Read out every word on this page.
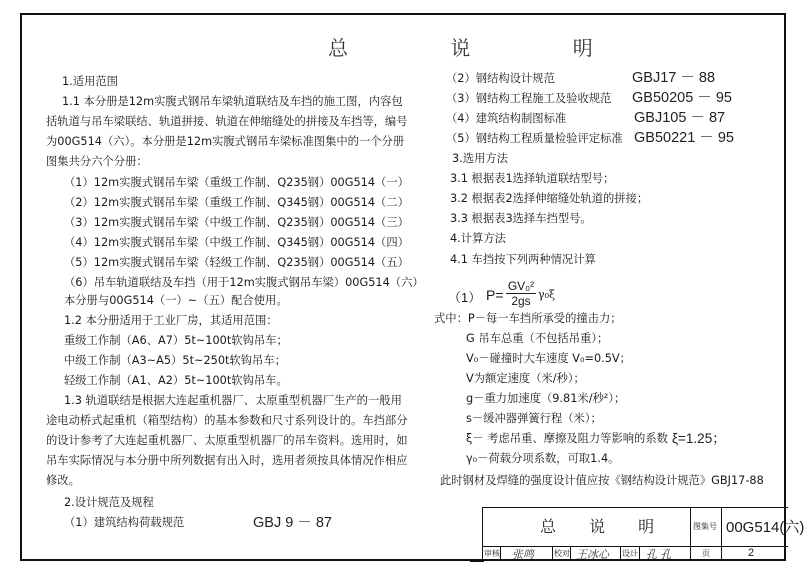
总 说 明
1.适用范围
1.1 本分册是12m实腹式钢吊车梁轨道联结及车挡的施工图，内容包
括轨道与吊车梁联结、轨道拼接、轨道在伸缩缝处的拼接及车挡等，编号
为00G514（六）。本分册是12m实腹式钢吊车梁标准图集中的一个分册
图集共分六个分册：
（1）12m实腹式钢吊车梁（重级工作制、Q235钢）00G514（一）
（2）12m实腹式钢吊车梁（重级工作制、Q345钢）00G514（二）
（3）12m实腹式钢吊车梁（中级工作制、Q235钢）00G514（三）
（4）12m实腹式钢吊车梁（中级工作制、Q345钢）00G514（四）
（5）12m实腹式钢吊车梁（轻级工作制、Q235钢）00G514（五）
（6）吊车轨道联结及车挡（用于12m实腹式钢吊车梁）00G514（六）
本分册与00G514（一）~（五）配合使用。
1.2 本分册适用于工业厂房，其适用范围：
重级工作制（A6、A7）5t~100t软钩吊车；
中级工作制（A3~A5）5t~250t软钩吊车；
轻级工作制（A1、A2）5t~100t软钩吊车。
1.3 轨道联结是根据大连起重机器厂、太原重型机器厂生产的一般用
途电动桥式起重机（箱型结构）的基本参数和尺寸系列设计的。车挡部分
的设计参考了大连起重机器厂、太原重型机器厂的吊车资料。选用时，如
吊车实际情况与本分册中所列数据有出入时，选用者须按具体情况作相应
修改。
2.设计规范及规程
（1）建筑结构荷载规范	GBJ 9 － 87
（2）钢结构设计规范	GBJ17 － 88
（3）钢结构工程施工及验收规范 GB50205 － 95
（4）建筑结构制图标准	GBJ105 － 87
（5）钢结构工程质量检验评定标准 GB50221 － 95
3.选用方法
3.1 根据表1选择轨道联结型号；
3.2 根据表2选择伸缩缝处轨道的拼接；
3.3 根据表3选择车挡型号。
4.计算方法
4.1 车挡按下列两种情况计算
（1） $P= \frac{\text{GV₀²}}{2gs} \gamma_0\xi$
式中：P－每一车挡所承受的撞击力；
G 吊车总重（不包括吊重）；
V₀－碰撞时大车速度 V₀=0.5V；
V为额定速度（米/秒）；
g－重力加速度（9.81米/秒²）；
s－缓冲器弹簧行程（米）；
ξ－ 考虑吊重、摩擦及阻力等影响的系数 ξ=1.25；
γ₀－荷载分项系数，可取1.4。
此时钢材及焊缝的强度设计值应按《钢结构设计规范》GBJ17-88
总 说 明	图集号 00G514(六)
审核 张鸣	校对 王冰心 设计 孔 孔	页	2
